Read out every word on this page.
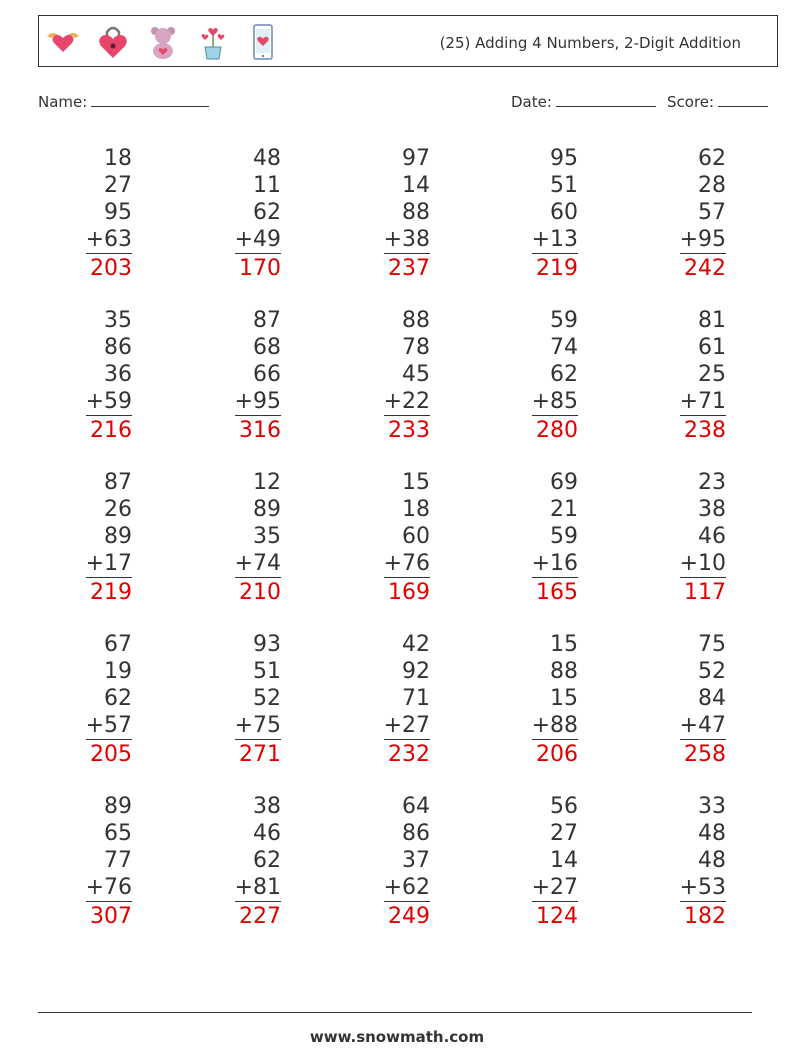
(25) Adding 4 Numbers, 2-Digit Addition
Name:	Date:	Score:
18
27
95
+63
203
48
11
62
+49
170
97
14
88
+38
237
95
51
60
+13
219
62
28
57
+95
242
35
86
36
+59
216
87
68
66
+95
316
88
78
45
+22
233
59
74
62
+85
280
81
61
25
+71
238
87
26
89
+17
219
12
89
35
+74
210
15
18
60
+76
169
69
21
59
+16
165
23
38
46
+10
117
67
19
62
+57
205
93
51
52
+75
271
42
92
71
+27
232
15
88
15
+88
206
75
52
84
+47
258
89
65
77
+76
307
38
46
62
+81
227
64
86
37
+62
249
56
27
14
+27
124
33
48
48
+53
182
www.snowmath.com
